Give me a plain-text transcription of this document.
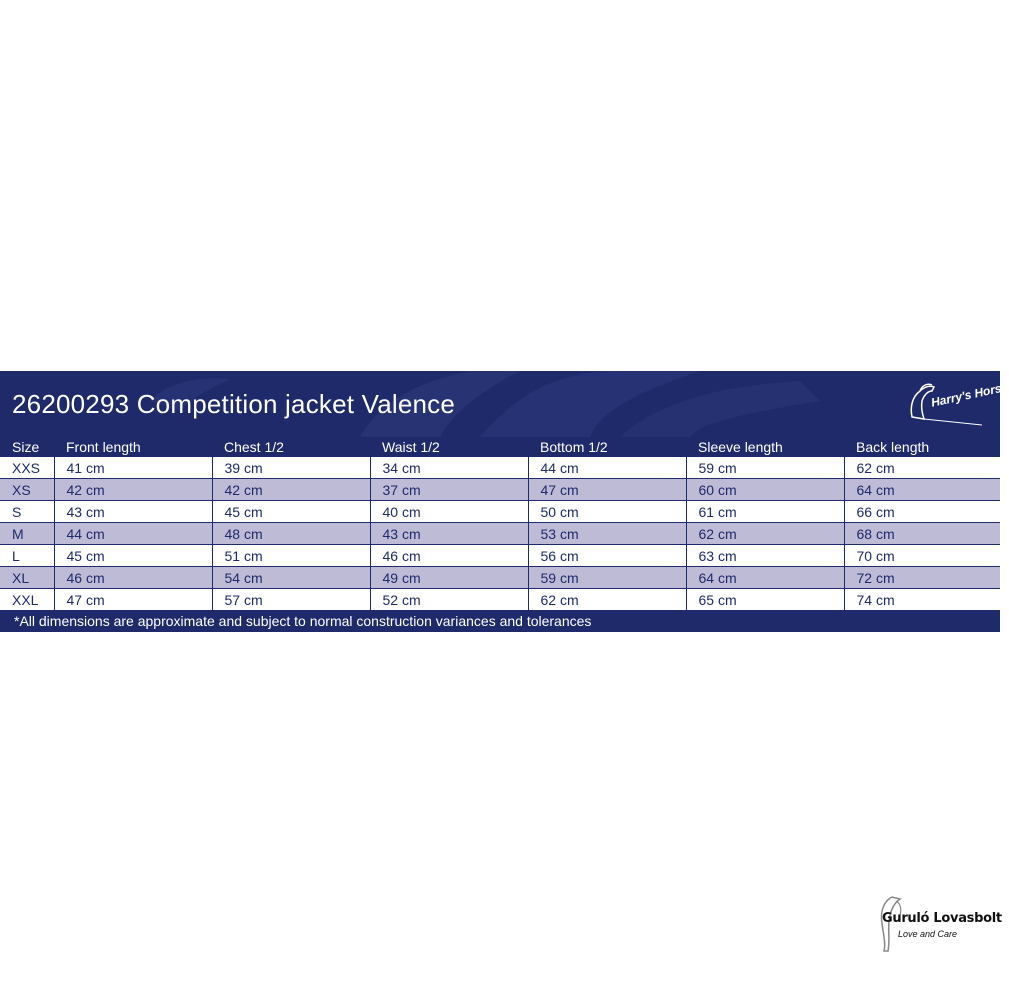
26200293 Competition jacket Valence	Harry's Horse
Size	Front length	Chest 1/2	Waist 1/2	Bottom 1/2	Sleeve length	Back length
XXS	41 cm	39 cm	34 cm	44 cm	59 cm	62 cm
XS	42 cm	42 cm	37 cm	47 cm	60 cm	64 cm
S	43 cm	45 cm	40 cm	50 cm	61 cm	66 cm
M	44 cm	48 cm	43 cm	53 cm	62 cm	68 cm
L	45 cm	51 cm	46 cm	56 cm	63 cm	70 cm
XL	46 cm	54 cm	49 cm	59 cm	64 cm	72 cm
XXL	47 cm	57 cm	52 cm	62 cm	65 cm	74 cm
*All dimensions are approximate and subject to normal construction variances and tolerances
Guruló Lovasbolt
Love and Care
